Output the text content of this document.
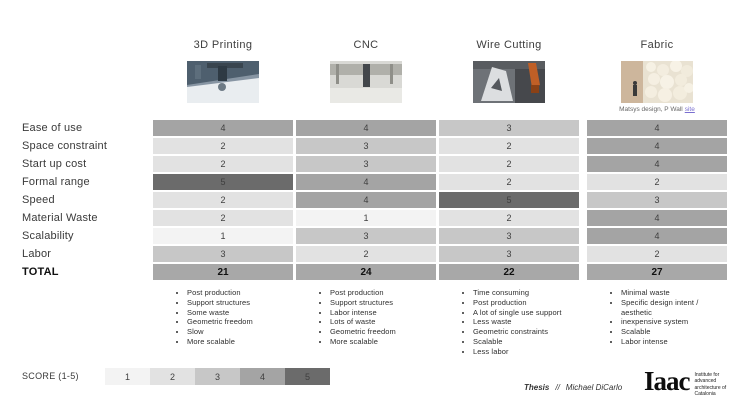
3D Printing	CNC	Wire Cutting	Fabric
Matsys design, P Wall site
Ease of use	4	4	3	4
Space constraint	2	3	2	4
Start up cost	2	3	2	4
Formal range	5	4	2	2
Speed	2	4	5	3
Material Waste	2	1	2	4
Scalability	1	3	3	4
Labor	3	2	3	2
TOTAL	21	24	22	27
• Post production
• Support structures
• Some waste
• Geometric freedom
• Slow
• More scalable
• Post production
• Support structures
• Labor intense
• Lots of waste
• Geometric freedom
• More scalable
• Time consuming
• Post production
• A lot of single use support
• Less waste
• Geometric constraints
• Scalable
• Less labor
• Minimal waste
• Specific design intent / aesthetic
• inexpensive system
• Scalable
• Labor intense
SCORE (1-5)	1	2	3	4	5
Thesis // Michael DiCarlo Iaac Institute for advanced architecture of Catalonia
